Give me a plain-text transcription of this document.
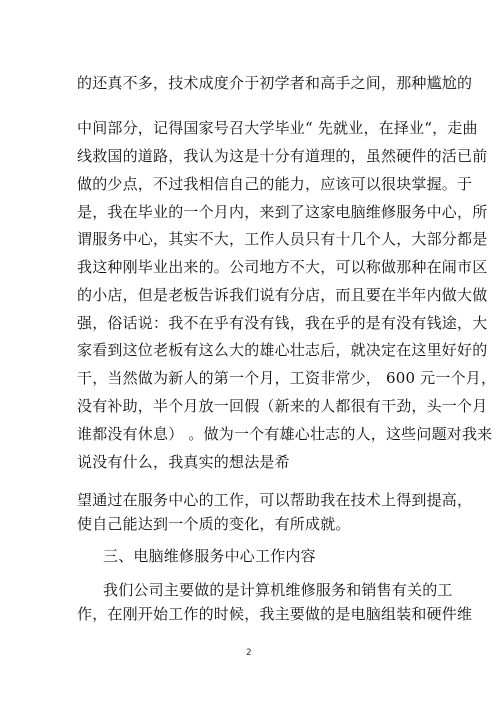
的还真不多，技术成度介于初学者和高手之间，那种尴尬的
中间部分，记得国家号召大学毕业“ 先就业，在择业“，走曲
线救国的道路，我认为这是十分有道理的，虽然硬件的活已前
做的少点，不过我相信自己的能力，应该可以很块掌握。于
是，我在毕业的一个月内，来到了这家电脑维修服务中心，所
谓服务中心，其实不大，工作人员只有十几个人，大部分都是
我这种刚毕业出来的。公司地方不大，可以称做那种在闹市区
的小店，但是老板告诉我们说有分店，而且要在半年内做大做
强，俗话说：我不在乎有没有钱，我在乎的是有没有钱途，大
家看到这位老板有这么大的雄心壮志后，就决定在这里好好的
干，当然做为新人的第一个月，工资非常少， 600 元一个月，
没有补助，半个月放一回假（新来的人都很有干劲，头一个月
谁都没有休息） 。做为一个有雄心壮志的人，这些问题对我来
说没有什么，我真实的想法是希
望通过在服务中心的工作，可以帮助我在技术上得到提高，
使自己能达到一个质的变化，有所成就。
三、电脑维修服务中心工作内容
我们公司主要做的是计算机维修服务和销售有关的工
作，在刚开始工作的时候，我主要做的是电脑组装和硬件维
2
